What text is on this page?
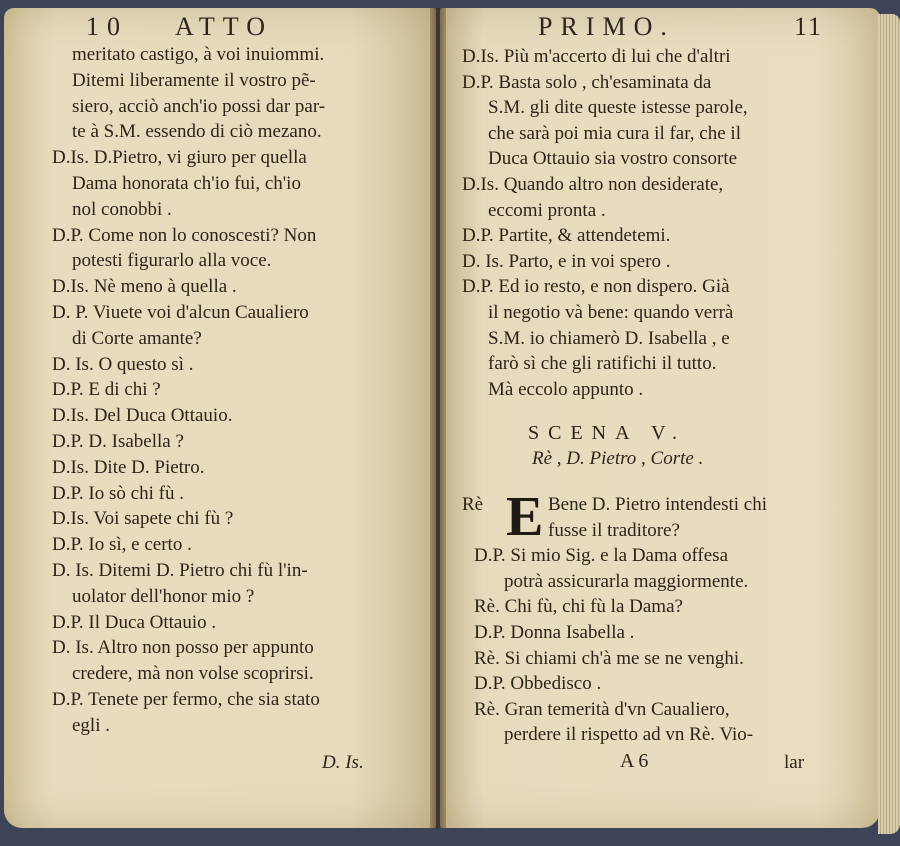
10 ATTO	PRIMO.	11
meritato castigo, à voi inuiommi.
Ditemi liberamente il vostro pẽ-
siero, acciò anch'io possi dar par-
te à S.M. essendo di ciò mezano.
D.Is. D.Pietro, vi giuro per quella
Dama honorata ch'io fui, ch'io
nol conobbi .
D.P. Come non lo conoscesti? Non
potesti figurarlo alla voce.
D.Is. Nè meno à quella .
D. P. Viuete voi d'alcun Caualiero
di Corte amante?
D. Is. O questo sì .
D.P. E di chi ?
D.Is. Del Duca Ottauio.
D.P. D. Isabella ?
D.Is. Dite D. Pietro.
D.P. Io sò chi fù .
D.Is. Voi sapete chi fù ?
D.P. Io sì, e certo .
D. Is. Ditemi D. Pietro chi fù l'in-
uolator dell'honor mio ?
D.P. Il Duca Ottauio .
D. Is. Altro non posso per appunto
credere, mà non volse scoprirsi.
D.P. Tenete per fermo, che sia stato
egli .
D. Is.
D.Is. Più m'accerto di lui che d'altri
D.P. Basta solo , ch'esaminata da
S.M. gli dite queste istesse parole,
che sarà poi mia cura il far, che il
Duca Ottauio sia vostro consorte
D.Is. Quando altro non desiderate,
eccomi pronta .
D.P. Partite, & attendetemi.
D. Is. Parto, e in voi spero .
D.P. Ed io resto, e non dispero. Già
il negotio và bene: quando verrà
S.M. io chiamerò D. Isabella , e
farò sì che gli ratifichi il tutto.
Mà eccolo appunto .
SCENA V.
Rè , D. Pietro , Corte .
Rè E Bene D. Pietro intendesti chi
fusse il traditore?
D.P. Si mio Sig. e la Dama offesa
potrà assicurarla maggiormente.
Rè. Chi fù, chi fù la Dama?
D.P. Donna Isabella .
Rè. Si chiami ch'à me se ne venghi.
D.P. Obbedisco .
Rè. Gran temerità d'vn Caualiero,
perdere il rispetto ad vn Rè. Vio-
A 6	lar
